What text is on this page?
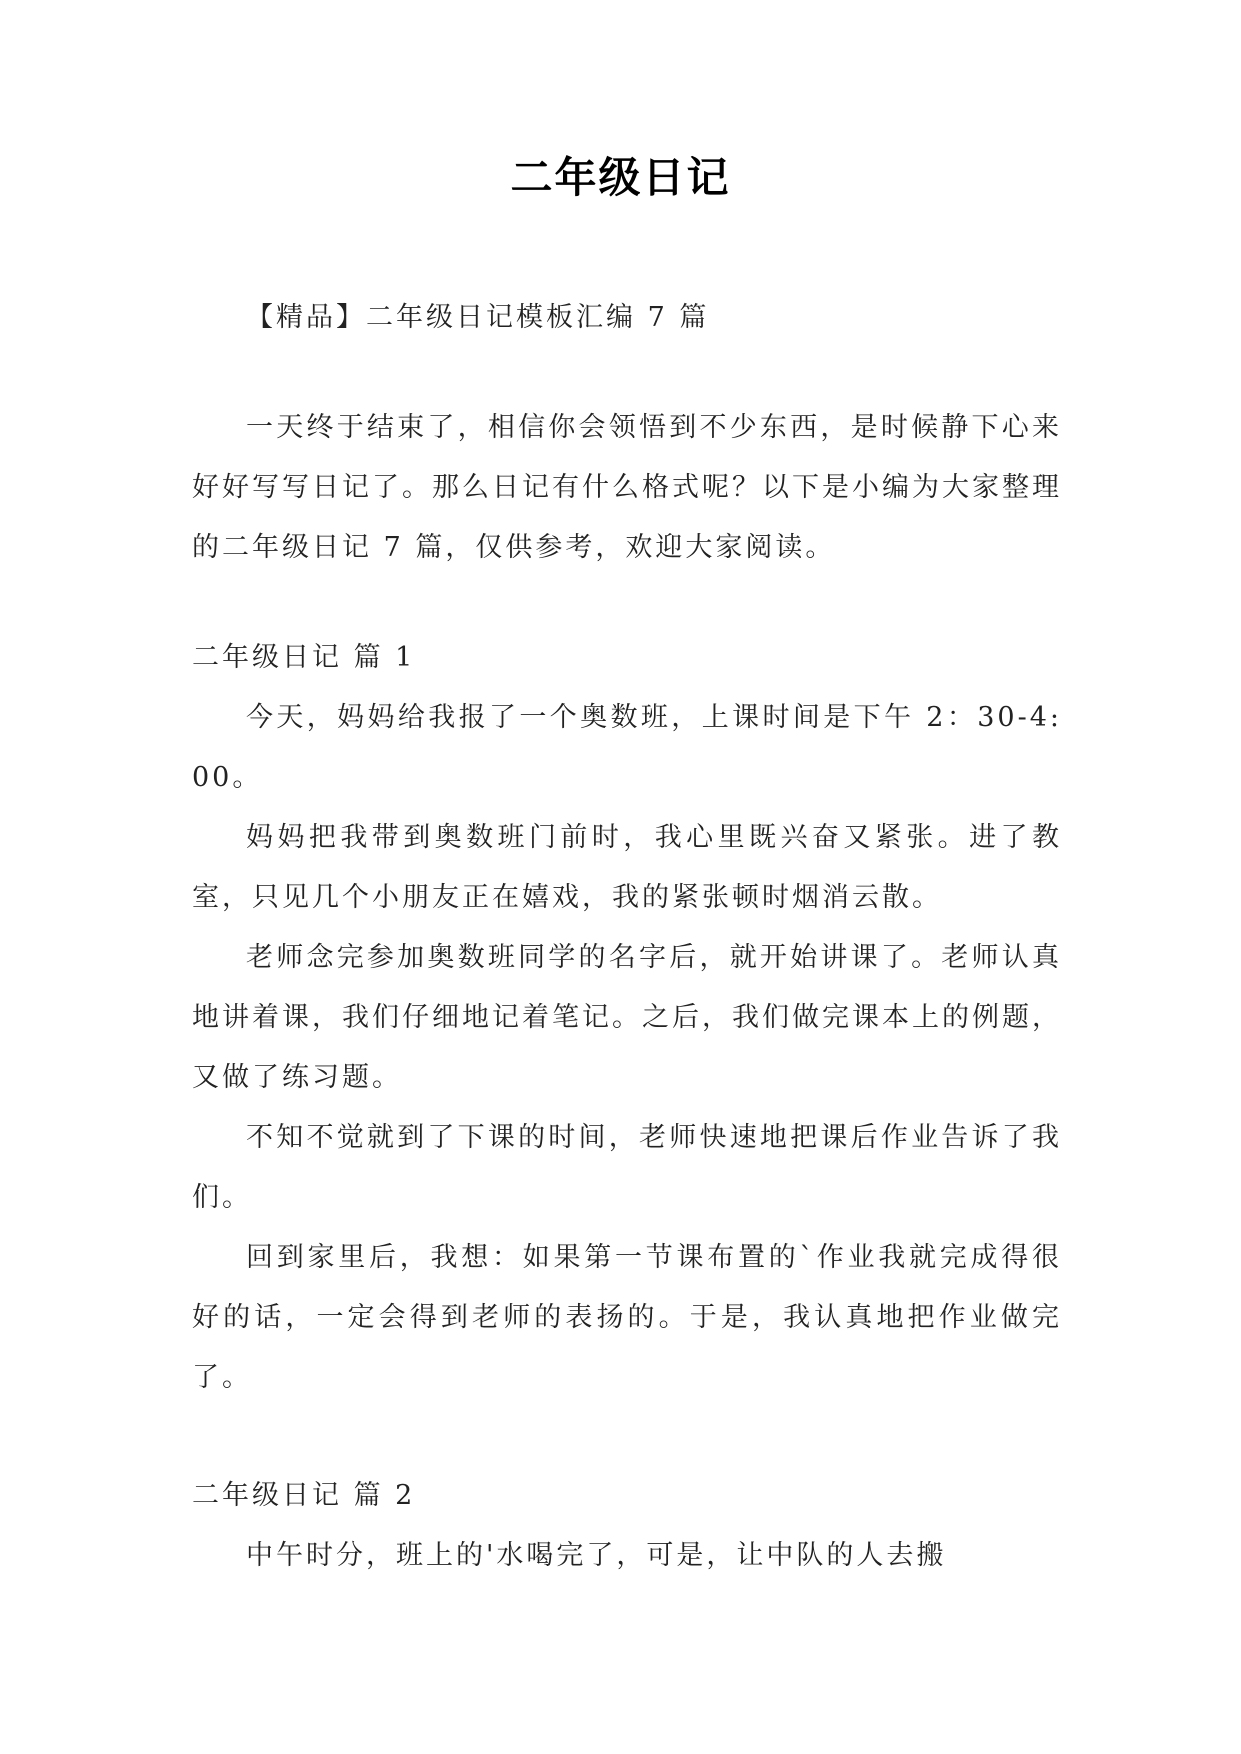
二年级日记

【精品】二年级日记模板汇编 7 篇

一天终于结束了，相信你会领悟到不少东西，是时候静下心来好好写写日记了。那么日记有什么格式呢？以下是小编为大家整理的二年级日记 7 篇，仅供参考，欢迎大家阅读。

二年级日记 篇 1

今天，妈妈给我报了一个奥数班，上课时间是下午 2：30-4:00。

妈妈把我带到奥数班门前时，我心里既兴奋又紧张。进了教室，只见几个小朋友正在嬉戏，我的紧张顿时烟消云散。

老师念完参加奥数班同学的名字后，就开始讲课了。老师认真地讲着课，我们仔细地记着笔记。之后，我们做完课本上的例题，又做了练习题。

不知不觉就到了下课的时间，老师快速地把课后作业告诉了我们。

回到家里后，我想：如果第一节课布置的`作业我就完成得很好的话，一定会得到老师的表扬的。于是，我认真地把作业做完了。

二年级日记 篇 2

中午时分，班上的'水喝完了，可是，让中队的人去搬
